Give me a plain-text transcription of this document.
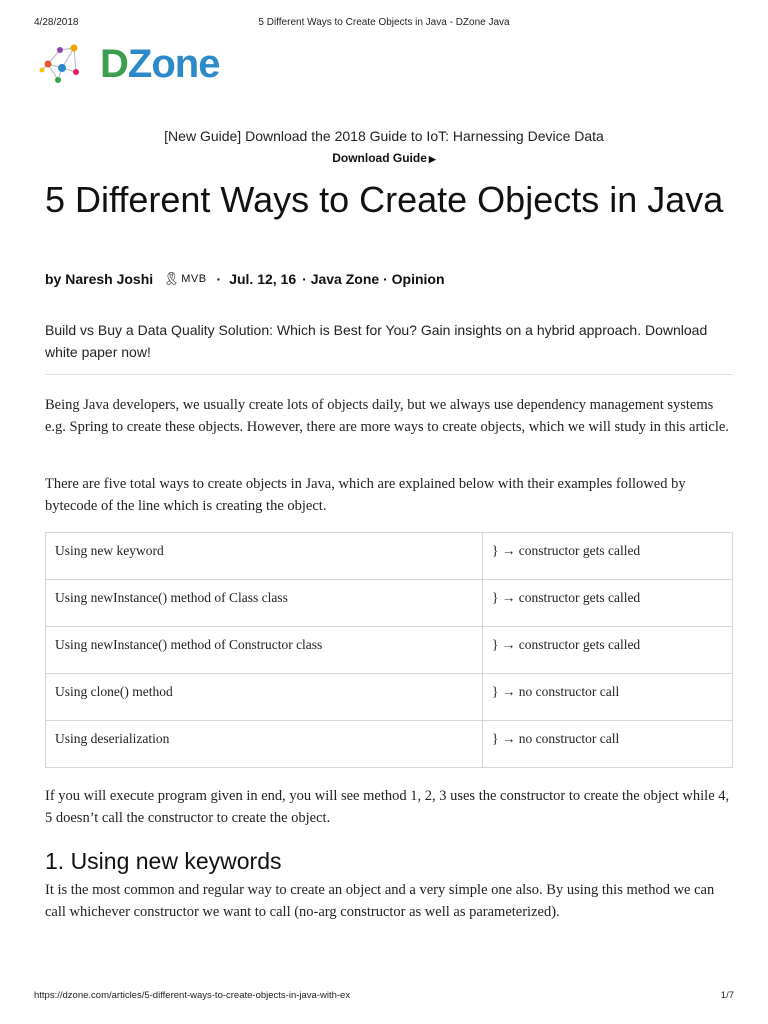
4/28/2018	5 Different Ways to Create Objects in Java - DZone Java
DZone
[New Guide] Download the 2018 Guide to IoT: Harnessing Device Data
Download Guide ▶
5 Different Ways to Create Objects in Java
by
Naresh Joshi 🎗 MVB · Jul. 12, 16 · Java Zone · Opinion

Build vs Buy a Data Quality Solution: Which is Best for You? Gain insights on a hybrid approach. Download white paper now!

Being Java developers, we usually create lots of objects daily, but we always use dependency management systems e.g. Spring to create these objects. However, there are more ways to create objects, which we will study in this article.

There are five total ways to create objects in Java, which are explained below with their examples followed by bytecode of the line which is creating the object.

Using new keyword	} → constructor gets called
Using newInstance() method of Class class	} → constructor gets called
Using newInstance() method of Constructor class	} → constructor gets called
Using clone() method	} → no constructor call
Using deserialization	} → no constructor call

If you will execute program given in end, you will see method 1, 2, 3 uses the constructor to create the object while 4, 5 doesn’t call the constructor to create the object.

1. Using new keywords

It is the most common and regular way to create an object and a very simple one also. By using this method we can call whichever constructor we want to call (no-arg constructor as well as parameterized).

https://dzone.com/articles/5-different-ways-to-create-objects-in-java-with-ex	1/7
